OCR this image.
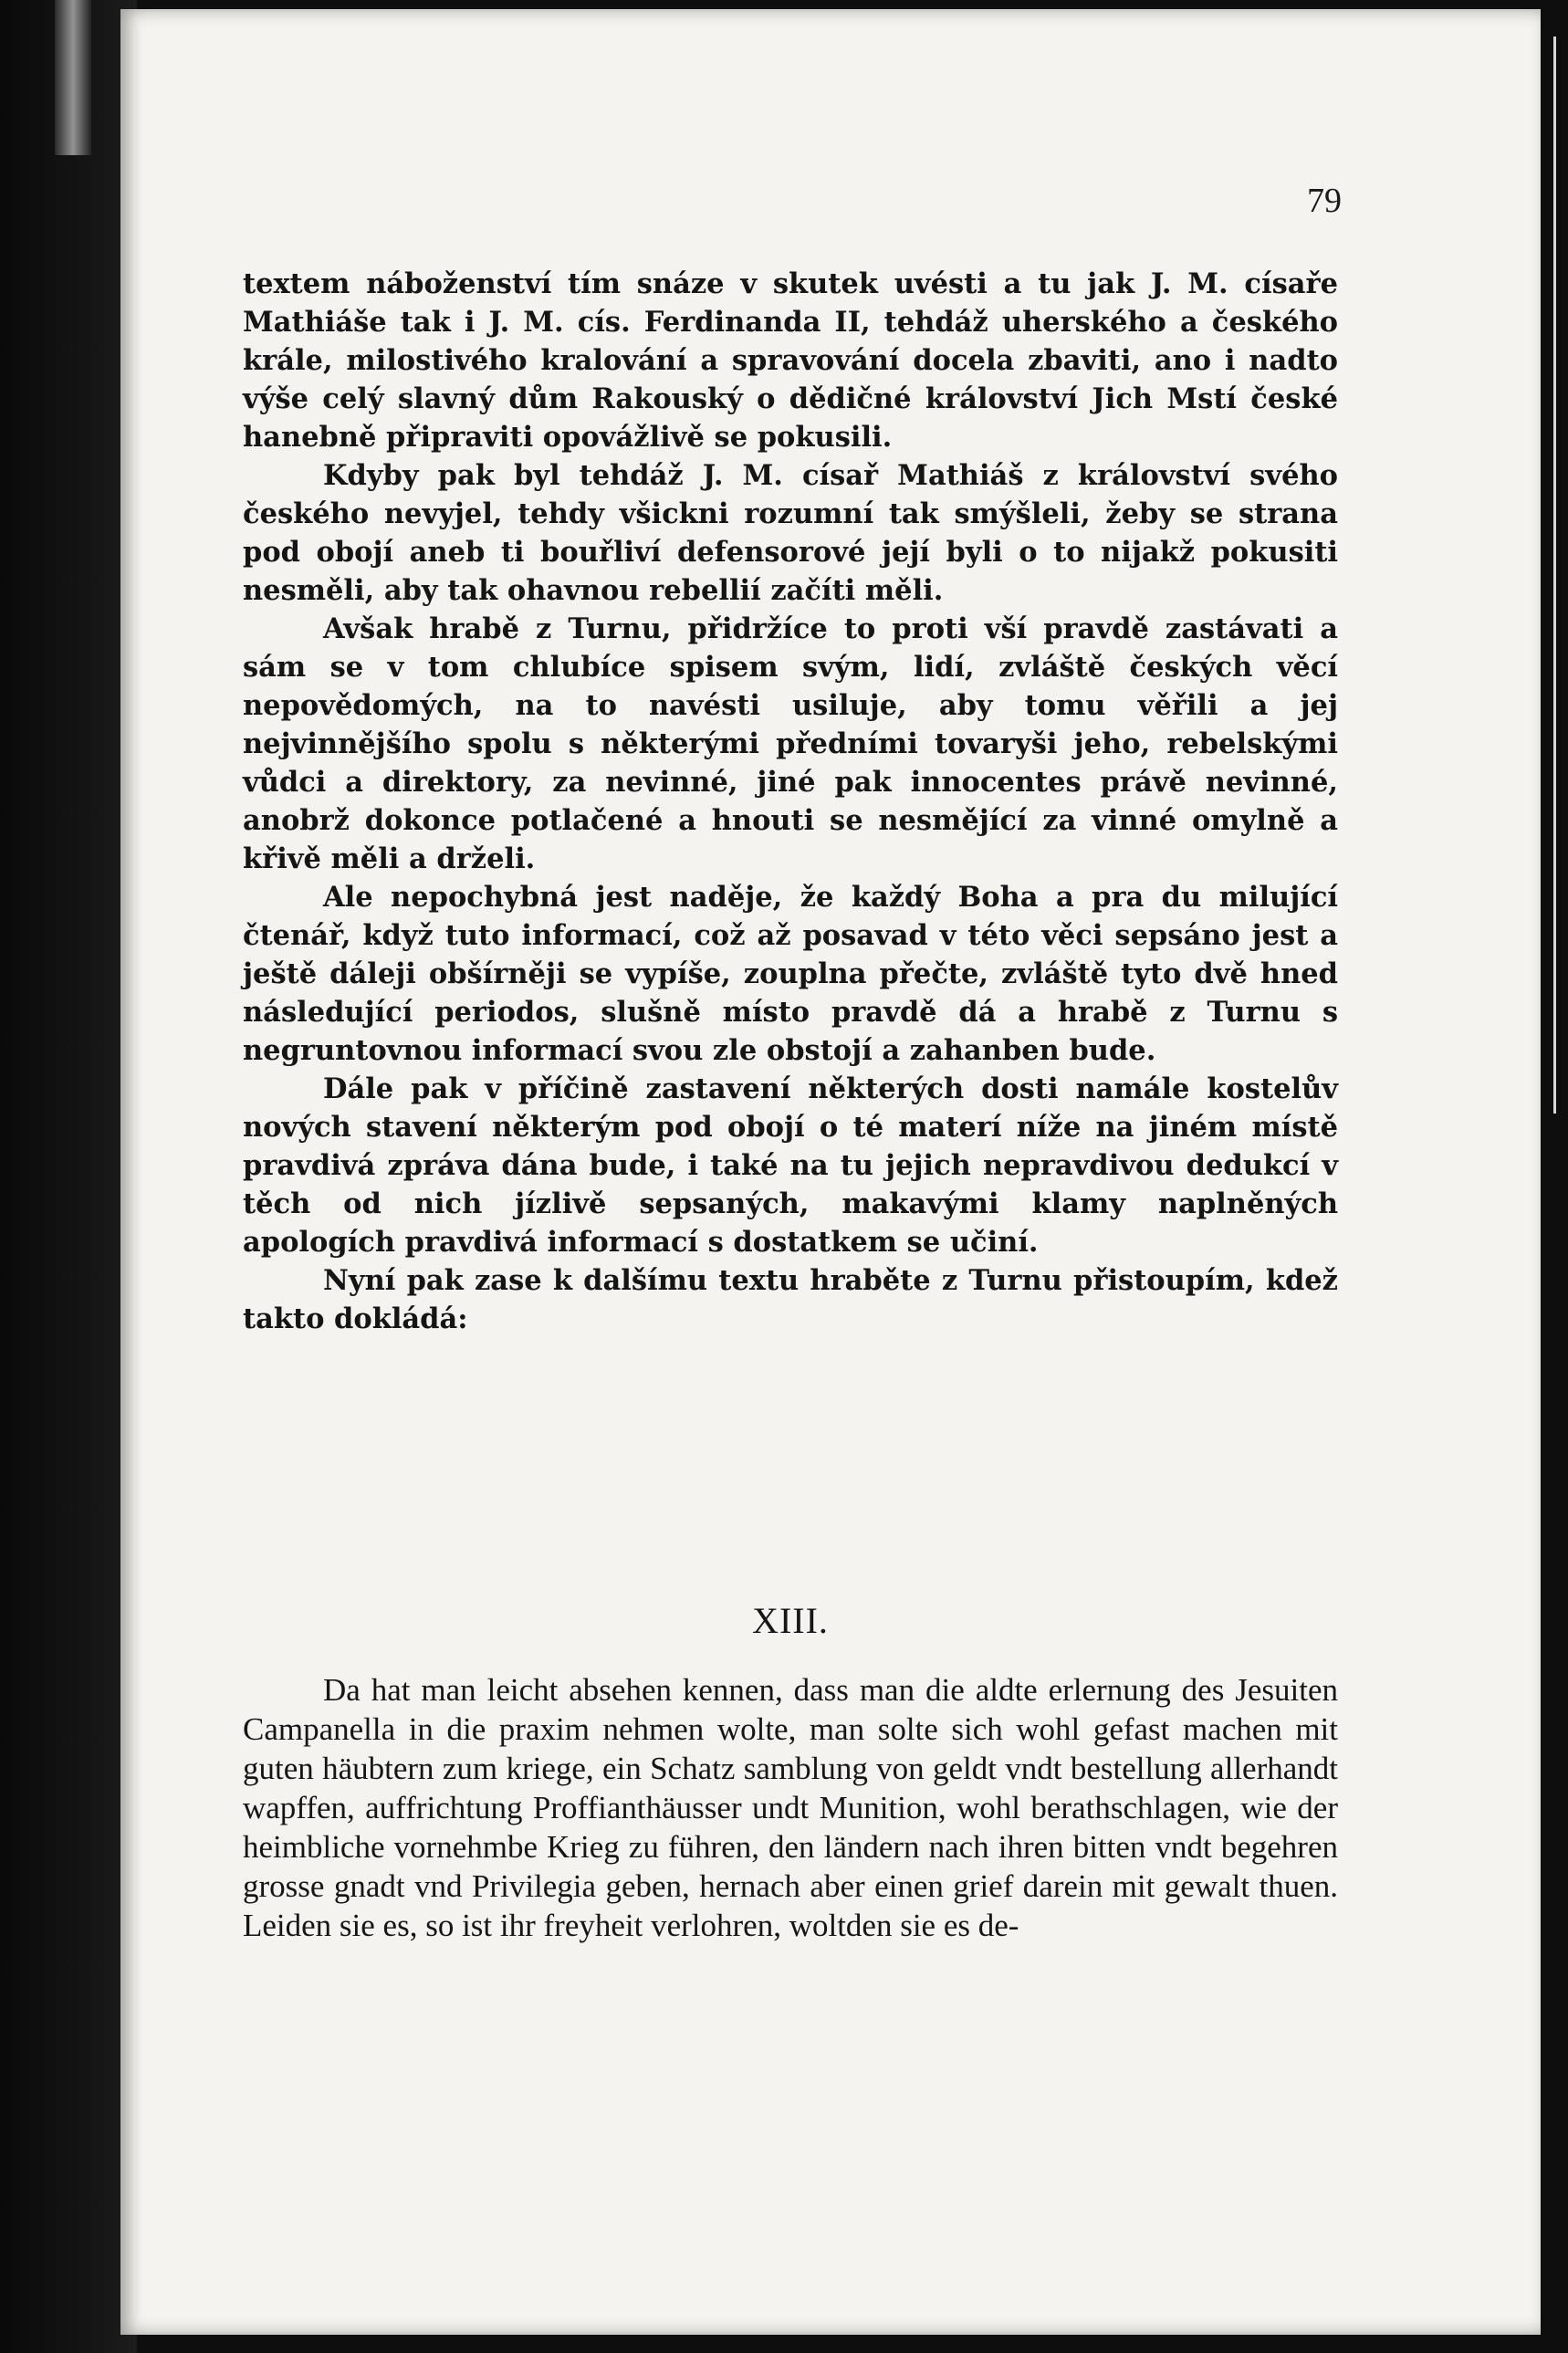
79

textem náboženství tím snáze v skutek uvésti a tu jak J. M. císaře Mathiáše tak i J. M. cís. Ferdinanda II, tehdáž uherského a českého krále, milostivého kralování a spravování docela zbaviti, ano i nadto výše celý slavný dům Rakouský o dědičné království Jich Mstí české hanebně připraviti opovážlivě se pokusili.

Kdyby pak byl tehdáž J. M. císař Mathiáš z království svého českého nevyjel, tehdy všickni rozumní tak smýšleli, žeby se strana pod obojí aneb ti bouřliví defensorové její byli o to nijakž pokusiti nesměli, aby tak ohavnou rebellií začíti měli.

Avšak hrabě z Turnu, přidržíce to proti vší pravdě zastávati a sám se v tom chlubíce spisem svým, lidí, zvláště českých věcí nepovědomých, na to navésti usiluje, aby tomu věřili a jej nejvinnějšího spolu s některými předními tovaryši jeho, rebelskými vůdci a direktory, za nevinné, jiné pak innocentes právě nevinné, anobrž dokonce potlačené a hnouti se nesmějící za vinné omylně a křivě měli a drželi.

Ale nepochybná jest naděje, že každý Boha a pra du milující čtenář, když tuto informací, což až posavad v této věci sepsáno jest a ještě dáleji obšírněji se vypíše, zouplna přečte, zvláště tyto dvě hned následující periodos, slušně místo pravdě dá a hrabě z Turnu s negruntovnou informací svou zle obstojí a zahanben bude.

Dále pak v příčině zastavení některých dosti namále kostelův nových stavení některým pod obojí o té materí níže na jiném místě pravdivá zpráva dána bude, i také na tu jejich nepravdivou dedukcí v těch od nich jízlivě sepsaných, makavými klamy naplněných apologích pravdivá informací s dostatkem se učiní.

Nyní pak zase k dalšímu textu hraběte z Turnu přistoupím, kdež takto dokládá:

XIII.

Da hat man leicht absehen kennen, dass man die aldte erlernung des Jesuiten Campanella in die praxim nehmen wolte, man solte sich wohl gefast machen mit guten häubtern zum kriege, ein Schatz samblung von geldt vndt bestellung allerhandt wapffen, auffrichtung Proffianthäusser undt Munition, wohl berathschlagen, wie der heimbliche vornehmbe Krieg zu führen, den ländern nach ihren bitten vndt begehren grosse gnadt vnd Privilegia geben, hernach aber einen grief darein mit gewalt thuen. Leiden sie es, so ist ihr freyheit verlohren, woltden sie es de-
